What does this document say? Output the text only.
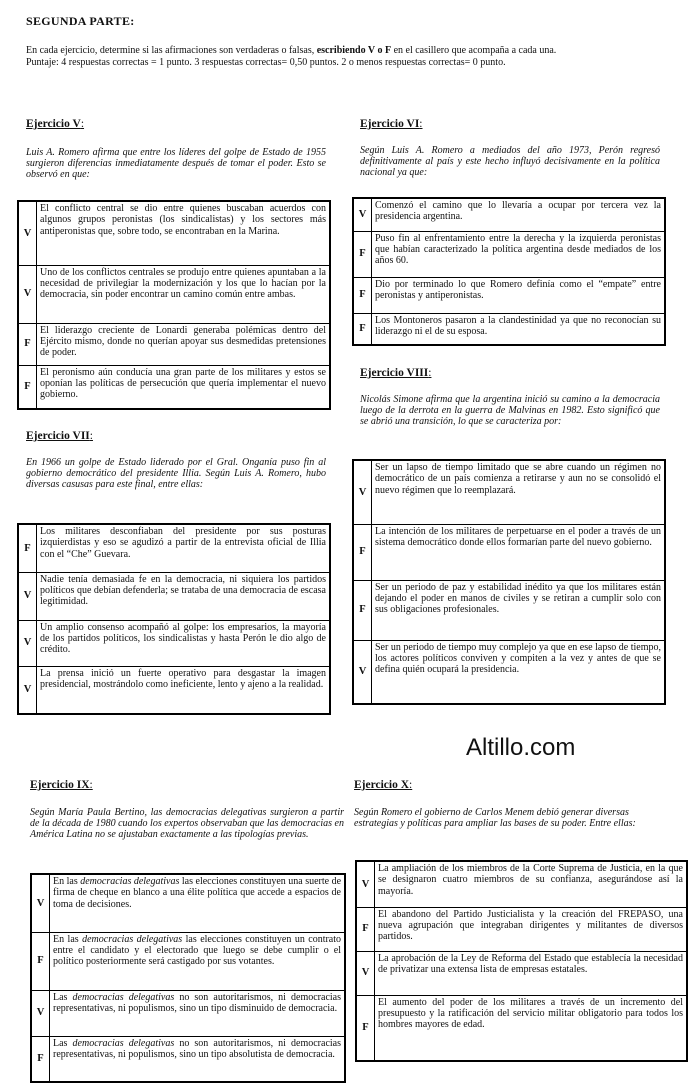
SEGUNDA PARTE:
En cada ejercicio, determine si las afirmaciones son verdaderas o falsas, escribiendo V o F en el casillero que acompaña a cada una.
Puntaje: 4 respuestas correctas = 1 punto. 3 respuestas correctas= 0,50 puntos. 2 o menos respuestas correctas= 0 punto.
Ejercicio V:
Luis A. Romero afirma que entre los líderes del golpe de Estado de 1955 surgieron diferencias inmediatamente después de tomar el poder. Esto se observó en que:
V	El conflicto central se dio entre quienes buscaban acuerdos con algunos grupos peronistas (los sindicalistas) y los sectores más antiperonistas que, sobre todo, se encontraban en la Marina.
V	Uno de los conflictos centrales se produjo entre quienes apuntaban a la necesidad de privilegiar la modernización y los que lo hacían por la democracia, sin poder encontrar un camino común entre ambas.
F	El liderazgo creciente de Lonardi generaba polémicas dentro del Ejército mismo, donde no querían apoyar sus desmedidas pretensiones de poder.
F	El peronismo aún conducía una gran parte de los militares y estos se oponían las políticas de persecución que quería implementar el nuevo gobierno.
Ejercicio VI:
Según Luis A. Romero a mediados del año 1973, Perón regresó definitivamente al país y este hecho influyó decisivamente en la política nacional ya que:
V	Comenzó el camino que lo llevaría a ocupar por tercera vez la presidencia argentina.
F	Puso fin al enfrentamiento entre la derecha y la izquierda peronistas que habían caracterizado la política argentina desde mediados de los años 60.
F	Dio por terminado lo que Romero definía como el “empate” entre peronistas y antiperonistas.
F	Los Montoneros pasaron a la clandestinidad ya que no reconocían su liderazgo ni el de su esposa.
Ejercicio VII:
En 1966 un golpe de Estado liderado por el Gral. Onganía puso fin al gobierno democrático del presidente Illia. Según Luis A. Romero, hubo diversas casusas para este final, entre ellas:
F	Los militares desconfiaban del presidente por sus posturas izquierdistas y eso se agudizó a partir de la entrevista oficial de Illia con el “Che” Guevara.
V	Nadie tenía demasiada fe en la democracia, ni siquiera los partidos políticos que debían defenderla; se trataba de una democracia de escasa legitimidad.
V	Un amplio consenso acompañó al golpe: los empresarios, la mayoría de los partidos políticos, los sindicalistas y hasta Perón le dio algo de crédito.
V	La prensa inició un fuerte operativo para desgastar la imagen presidencial, mostrándolo como ineficiente, lento y ajeno a la realidad.
Ejercicio VIII:
Nicolás Simone afirma que la argentina inició su camino a la democracia luego de la derrota en la guerra de Malvinas en 1982. Esto significó que se abrió una transición, lo que se caracteriza por:
V	Ser un lapso de tiempo limitado que se abre cuando un régimen no democrático de un país comienza a retirarse y aun no se consolidó el nuevo régimen que lo reemplazará.
F	La intención de los militares de perpetuarse en el poder a través de un sistema democrático donde ellos formarían parte del nuevo gobierno.
F	Ser un periodo de paz y estabilidad inédito ya que los militares están dejando el poder en manos de civiles y se retiran a cumplir solo con sus obligaciones profesionales.
V	Ser un periodo de tiempo muy complejo ya que en ese lapso de tiempo, los actores políticos conviven y compiten a la vez y antes de que se defina quién ocupará la presidencia.
Altillo.com
Ejercicio IX:
Según María Paula Bertino, las democracias delegativas surgieron a partir de la década de 1980 cuando los expertos observaban que las democracias en América Latina no se ajustaban exactamente a las tipologías previas.
V	En las democracias delegativas las elecciones constituyen una suerte de firma de cheque en blanco a una élite política que accede a espacios de toma de decisiones.
F	En las democracias delegativas las elecciones constituyen un contrato entre el candidato y el electorado que luego se debe cumplir o el político posteriormente será castigado por sus votantes.
V	Las democracias delegativas no son autoritarismos, ni democracias representativas, ni populismos, sino un tipo disminuido de democracia.
F	Las democracias delegativas no son autoritarismos, ni democracias representativas, ni populismos, sino un tipo absolutista de democracia.
Ejercicio X:
Según Romero el gobierno de Carlos Menem debió generar diversas estrategias y políticas para ampliar las bases de su poder. Entre ellas:
V	La ampliación de los miembros de la Corte Suprema de Justicia, en la que se designaron cuatro miembros de su confianza, asegurándose así la mayoría.
F	El abandono del Partido Justicialista y la creación del FREPASO, una nueva agrupación que integraban dirigentes y militantes de diversos partidos.
V	La aprobación de la Ley de Reforma del Estado que establecía la necesidad de privatizar una extensa lista de empresas estatales.
F	El aumento del poder de los militares a través de un incremento del presupuesto y la ratificación del servicio militar obligatorio para todos los hombres mayores de edad.
